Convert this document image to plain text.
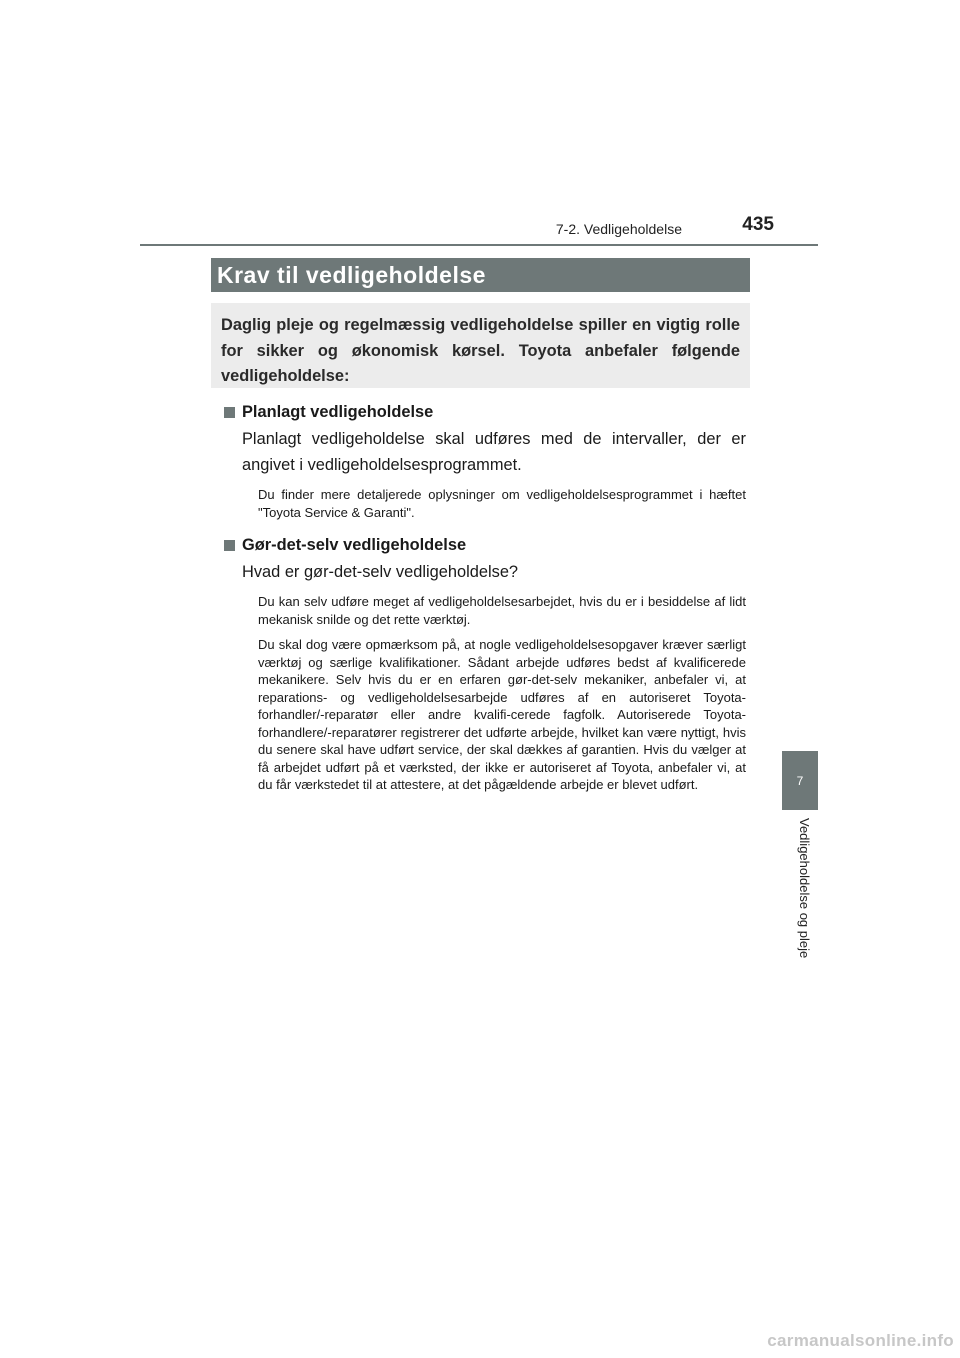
7-2. Vedligeholdelse	435
Krav til vedligeholdelse
Daglig pleje og regelmæssig vedligeholdelse spiller en vigtig rolle for sikker og økonomisk kørsel. Toyota anbefaler følgende vedligeholdelse:
Planlagt vedligeholdelse
Planlagt vedligeholdelse skal udføres med de intervaller, der er angivet i vedligeholdelsesprogrammet.
Du finder mere detaljerede oplysninger om vedligeholdelsesprogrammet i hæftet "Toyota Service & Garanti".
Gør-det-selv vedligeholdelse
Hvad er gør-det-selv vedligeholdelse?
Du kan selv udføre meget af vedligeholdelsesarbejdet, hvis du er i besiddelse af lidt mekanisk snilde og det rette værktøj.
Du skal dog være opmærksom på, at nogle vedligeholdelsesopgaver kræver særligt værktøj og særlige kvalifikationer. Sådant arbejde udføres bedst af kvalificerede mekanikere. Selv hvis du er en erfaren gør-det-selv mekaniker, anbefaler vi, at reparations- og vedligeholdelsesarbejde udføres af en autoriseret Toyota-forhandler/-reparatør eller andre kvalifi-cerede fagfolk. Autoriserede Toyota-forhandlere/-reparatører registrerer det udførte arbejde, hvilket kan være nyttigt, hvis du senere skal have udført service, der skal dækkes af garantien. Hvis du vælger at få arbejdet udført på et værksted, der ikke er autoriseret af Toyota, anbefaler vi, at du får værkstedet til at attestere, at det pågældende arbejde er blevet udført.	7
Vedligeholdelse og pleje
carmanualsonline.info
